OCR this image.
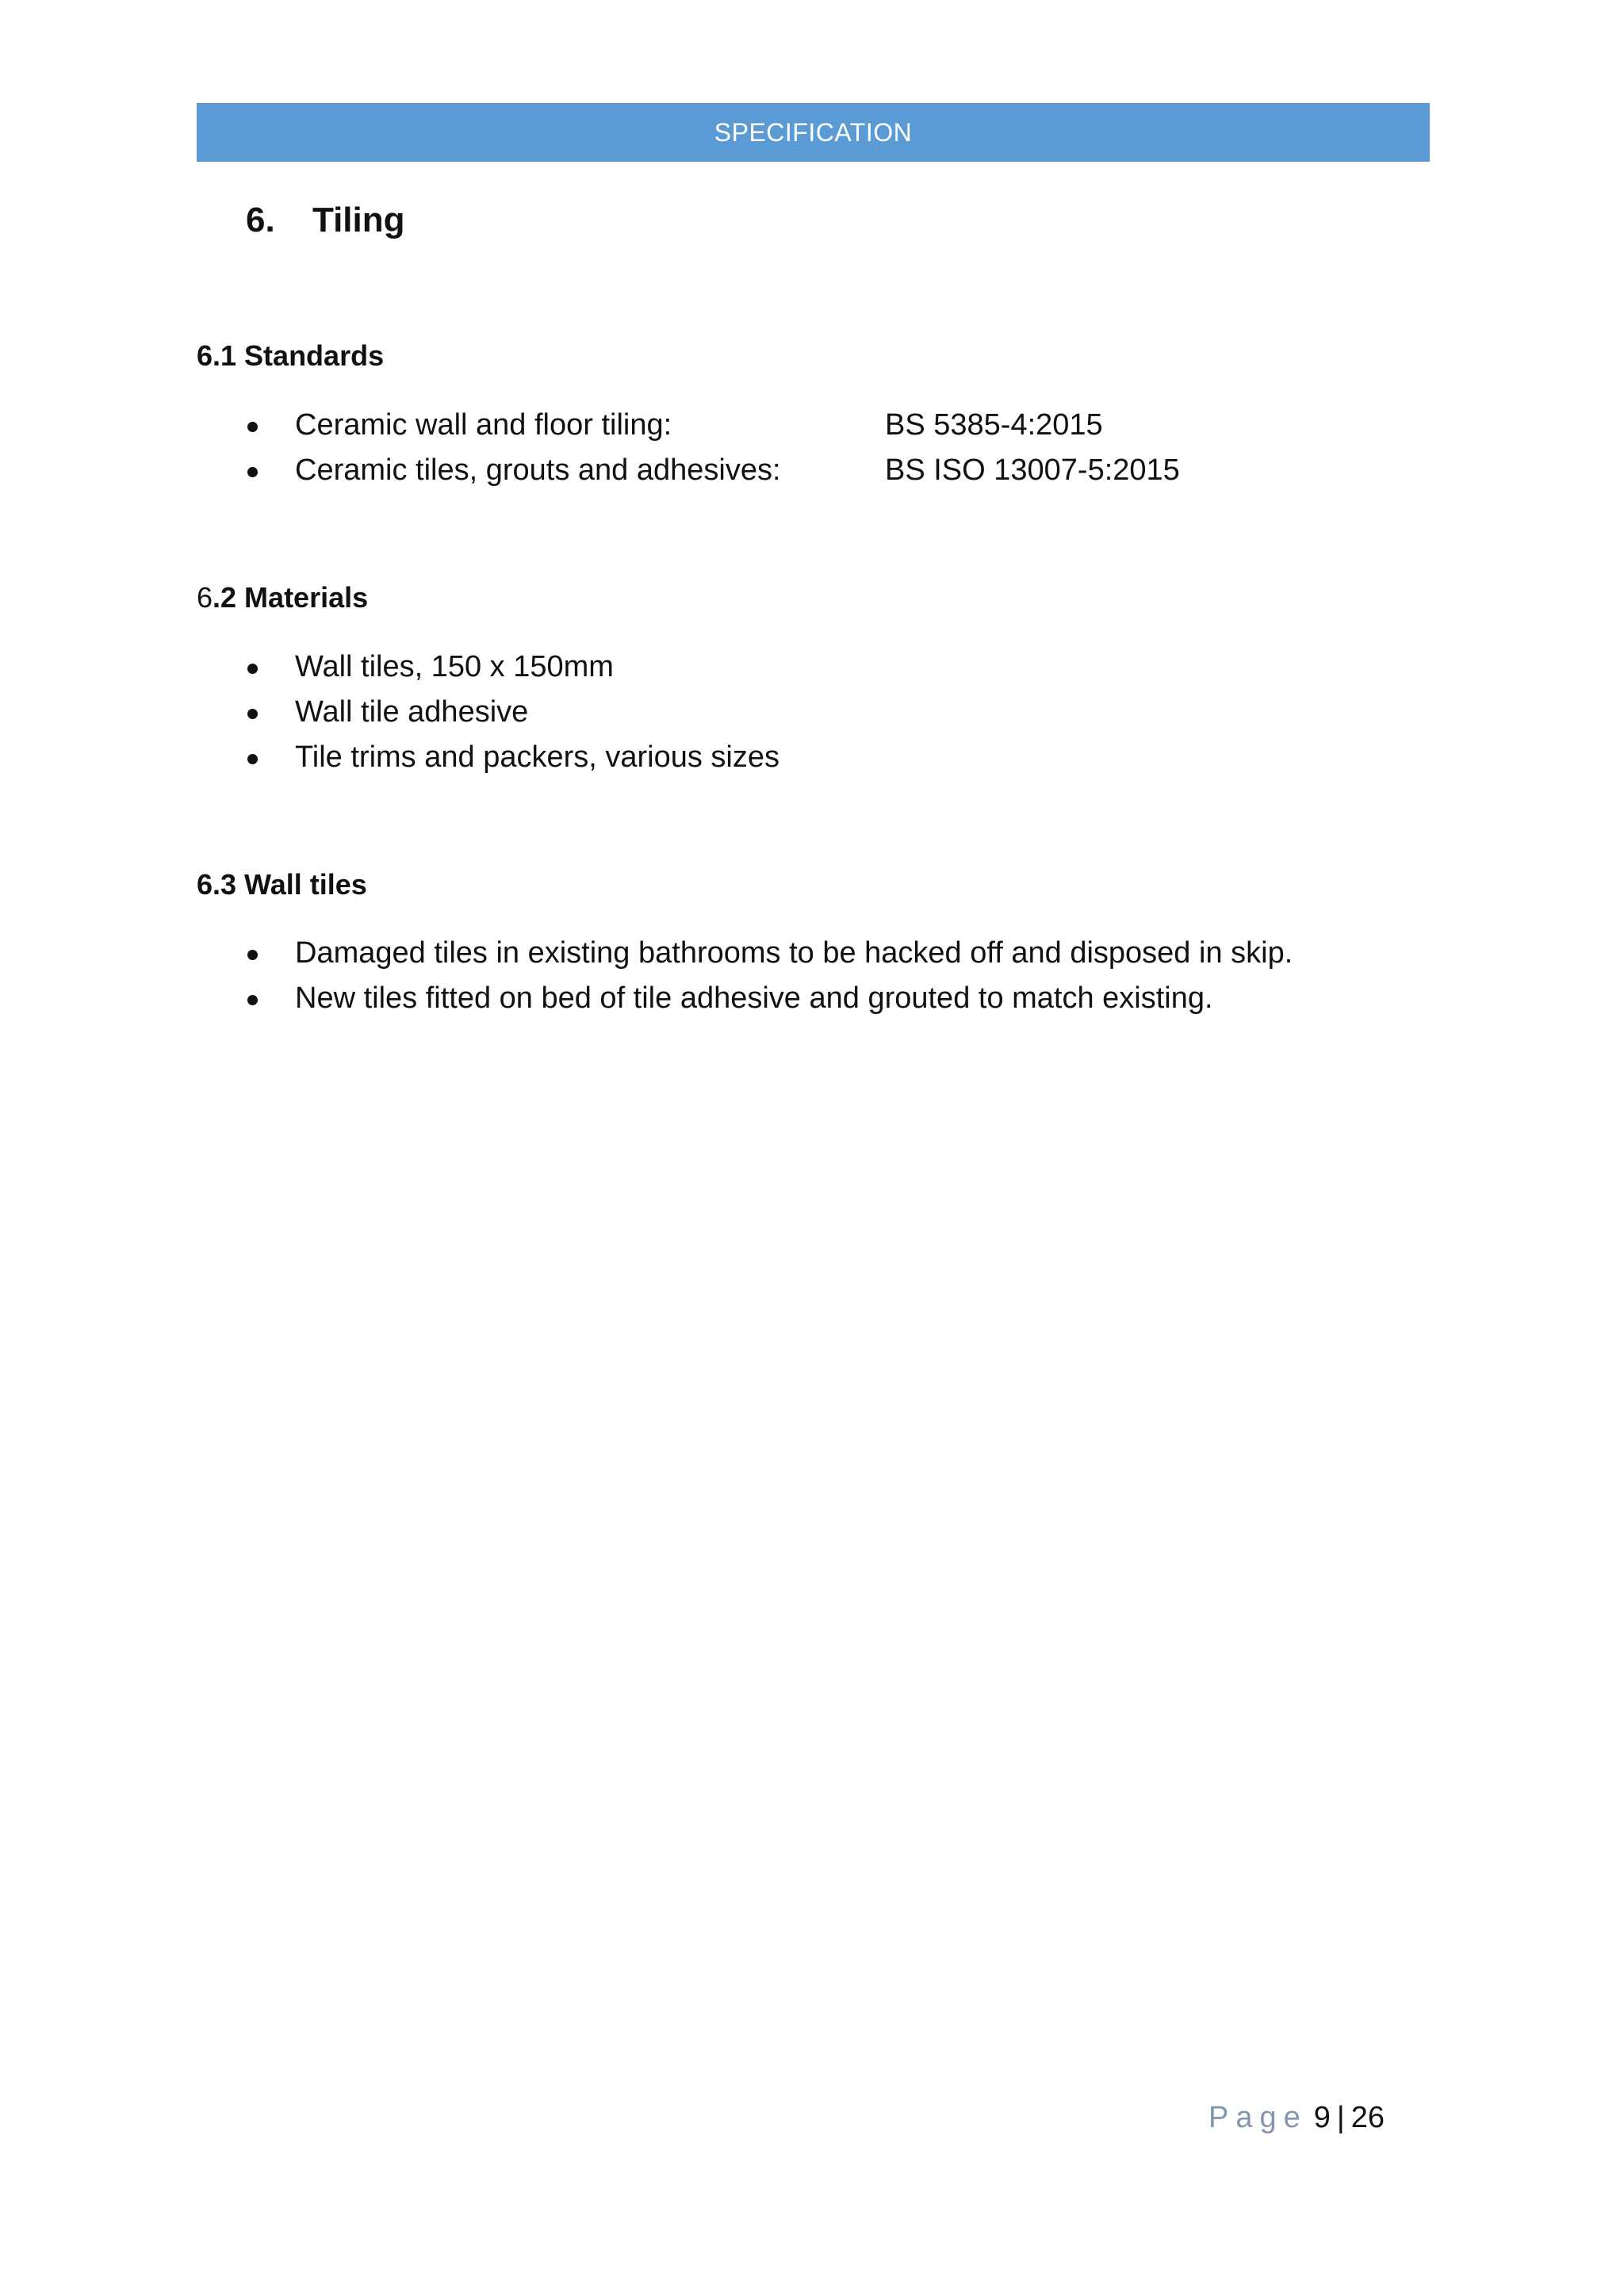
SPECIFICATION
6. Tiling
6.1 Standards
Ceramic wall and floor tiling:	BS 5385-4:2015
Ceramic tiles, grouts and adhesives:	BS ISO 13007-5:2015
6.2 Materials
Wall tiles, 150 x 150mm
Wall tile adhesive
Tile trims and packers, various sizes
6.3 Wall tiles
Damaged tiles in existing bathrooms to be hacked off and disposed in skip.
New tiles fitted on bed of tile adhesive and grouted to match existing.
Page 9 | 26
